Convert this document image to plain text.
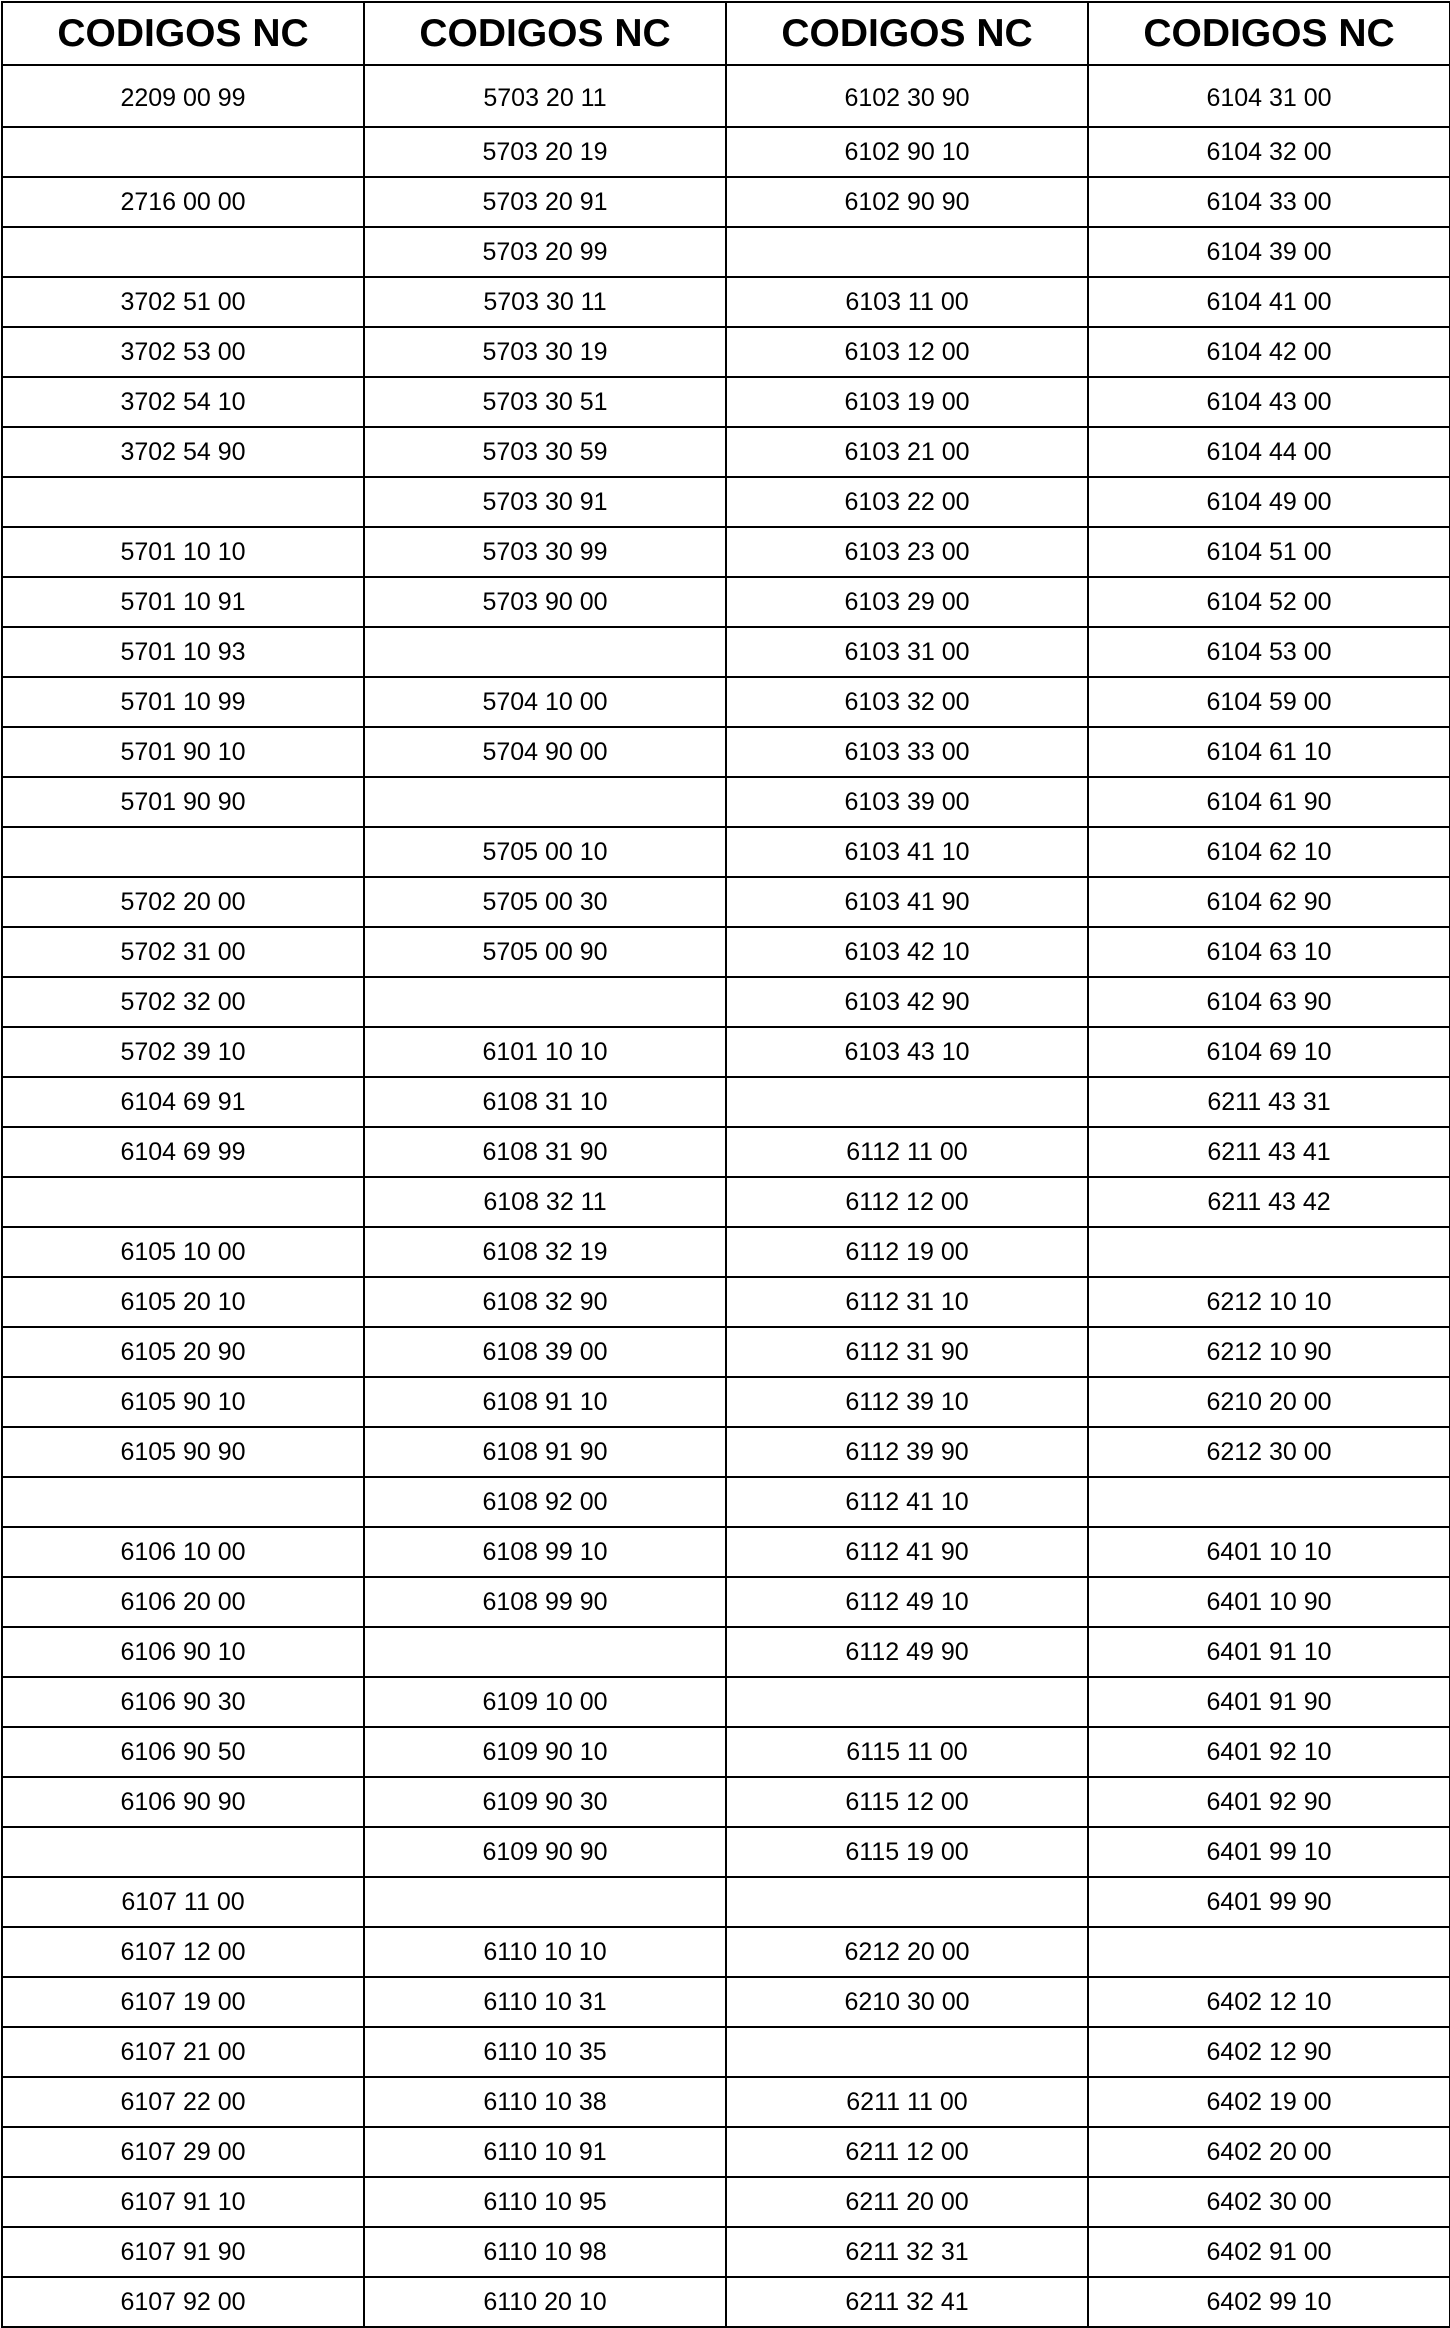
CODIGOS NC	CODIGOS NC	CODIGOS NC	CODIGOS NC
2209 00 99	5703 20 11	6102 30 90	6104 31 00
	5703 20 19	6102 90 10	6104 32 00
2716 00 00	5703 20 91	6102 90 90	6104 33 00
	5703 20 99		6104 39 00
3702 51 00	5703 30 11	6103 11 00	6104 41 00
3702 53 00	5703 30 19	6103 12 00	6104 42 00
3702 54 10	5703 30 51	6103 19 00	6104 43 00
3702 54 90	5703 30 59	6103 21 00	6104 44 00
	5703 30 91	6103 22 00	6104 49 00
5701 10 10	5703 30 99	6103 23 00	6104 51 00
5701 10 91	5703 90 00	6103 29 00	6104 52 00
5701 10 93		6103 31 00	6104 53 00
5701 10 99	5704 10 00	6103 32 00	6104 59 00
5701 90 10	5704 90 00	6103 33 00	6104 61 10
5701 90 90		6103 39 00	6104 61 90
	5705 00 10	6103 41 10	6104 62 10
5702 20 00	5705 00 30	6103 41 90	6104 62 90
5702 31 00	5705 00 90	6103 42 10	6104 63 10
5702 32 00		6103 42 90	6104 63 90
5702 39 10	6101 10 10	6103 43 10	6104 69 10
6104 69 91	6108 31 10		6211 43 31
6104 69 99	6108 31 90	6112 11 00	6211 43 41
	6108 32 11	6112 12 00	6211 43 42
6105 10 00	6108 32 19	6112 19 00	
6105 20 10	6108 32 90	6112 31 10	6212 10 10
6105 20 90	6108 39 00	6112 31 90	6212 10 90
6105 90 10	6108 91 10	6112 39 10	6210 20 00
6105 90 90	6108 91 90	6112 39 90	6212 30 00
	6108 92 00	6112 41 10	
6106 10 00	6108 99 10	6112 41 90	6401 10 10
6106 20 00	6108 99 90	6112 49 10	6401 10 90
6106 90 10		6112 49 90	6401 91 10
6106 90 30	6109 10 00		6401 91 90
6106 90 50	6109 90 10	6115 11 00	6401 92 10
6106 90 90	6109 90 30	6115 12 00	6401 92 90
	6109 90 90	6115 19 00	6401 99 10
6107 11 00			6401 99 90
6107 12 00	6110 10 10	6212 20 00	
6107 19 00	6110 10 31	6210 30 00	6402 12 10
6107 21 00	6110 10 35		6402 12 90
6107 22 00	6110 10 38	6211 11 00	6402 19 00
6107 29 00	6110 10 91	6211 12 00	6402 20 00
6107 91 10	6110 10 95	6211 20 00	6402 30 00
6107 91 90	6110 10 98	6211 32 31	6402 91 00
6107 92 00	6110 20 10	6211 32 41	6402 99 10
